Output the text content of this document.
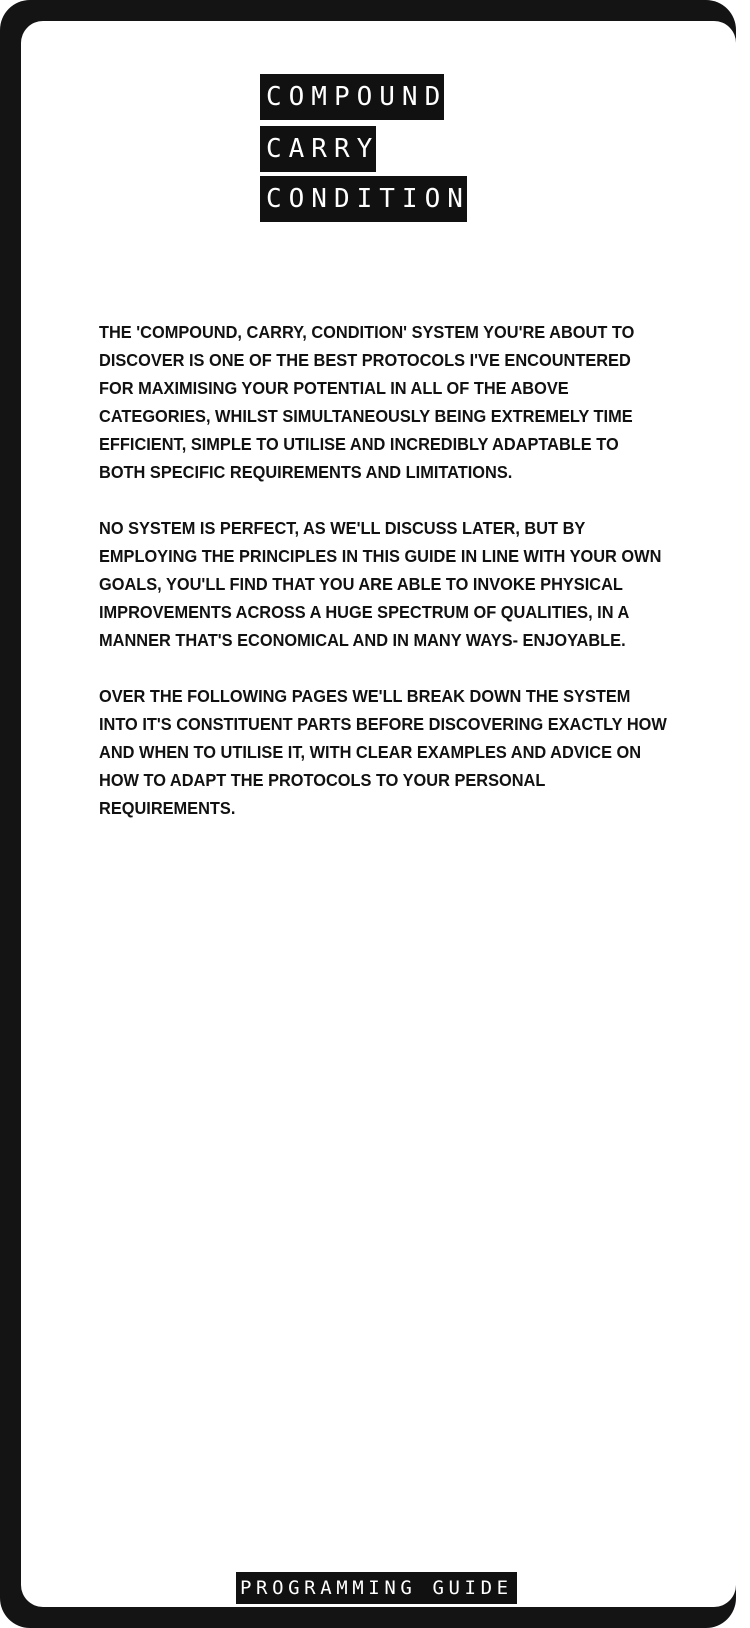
COMPOUND
CARRY
CONDITION

THE 'COMPOUND, CARRY, CONDITION' SYSTEM YOU'RE ABOUT TO DISCOVER IS ONE OF THE BEST PROTOCOLS I'VE ENCOUNTERED FOR MAXIMISING YOUR POTENTIAL IN ALL OF THE ABOVE CATEGORIES, WHILST SIMULTANEOUSLY BEING EXTREMELY TIME EFFICIENT, SIMPLE TO UTILISE AND INCREDIBLY ADAPTABLE TO BOTH SPECIFIC REQUIREMENTS AND LIMITATIONS.

NO SYSTEM IS PERFECT, AS WE'LL DISCUSS LATER, BUT BY EMPLOYING THE PRINCIPLES IN THIS GUIDE IN LINE WITH YOUR OWN GOALS, YOU'LL FIND THAT YOU ARE ABLE TO INVOKE PHYSICAL IMPROVEMENTS ACROSS A HUGE SPECTRUM OF QUALITIES, IN A MANNER THAT'S ECONOMICAL AND IN MANY WAYS- ENJOYABLE.

OVER THE FOLLOWING PAGES WE'LL BREAK DOWN THE SYSTEM INTO IT'S CONSTITUENT PARTS BEFORE DISCOVERING EXACTLY HOW AND WHEN TO UTILISE IT, WITH CLEAR EXAMPLES AND ADVICE ON HOW TO ADAPT THE PROTOCOLS TO YOUR PERSONAL REQUIREMENTS.

PROGRAMMING GUIDE
